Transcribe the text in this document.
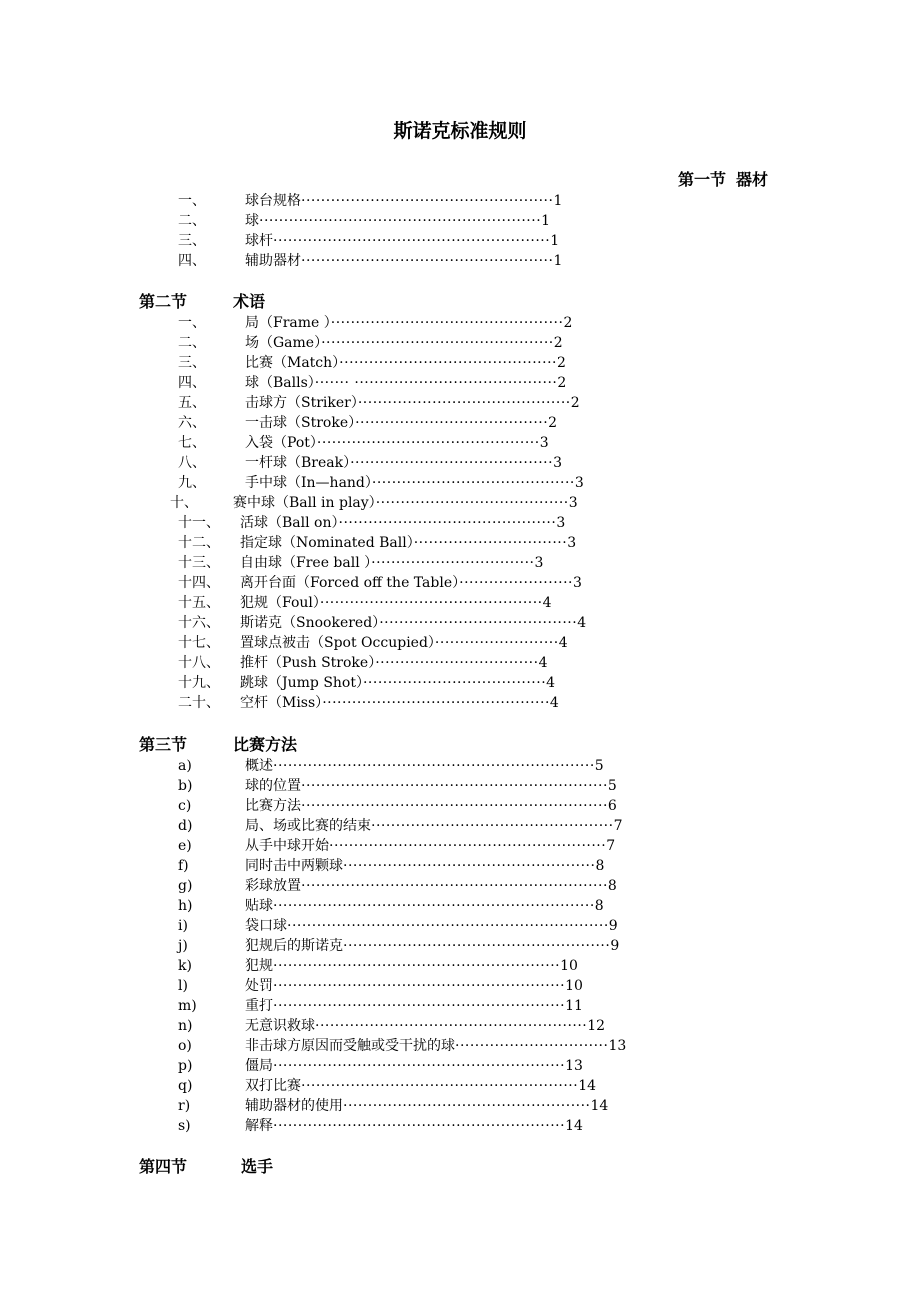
斯诺克标准规则
第一节 器材
第二节	术语
第三节	比赛方法
第四节	选手
一、	球台规格···················································1
二、	球·························································1
三、	球杆························································1
四、	辅助器材···················································1
一、	局（Frame ）···············································2
二、	场（Game）···············································2
三、	比赛（Match）············································2
四、	球（Balls）······· ·········································2
五、	击球方（Striker）···········································2
六、	一击球（Stroke）·······································2
七、	入袋（Pot）·············································3
八、	一杆球（Break）·········································3
九、	手中球（In—hand）·········································3
十、	赛中球（Ball in play）·······································3
十一、 活球（Ball on）············································3
十二、 指定球（Nominated Ball）·······························3
十三、 自由球（Free ball ）·································3
十四、 离开台面（Forced off the Table）·······················3
十五、 犯规（Foul）·············································4
十六、 斯诺克（Snookered）········································4
十七、 置球点被击（Spot Occupied）·························4
十八、 推杆（Push Stroke）·································4
十九、 跳球（Jump Shot）·····································4
二十、 空杆（Miss）··············································4
a)	概述·································································5
b)	球的位置······························································5
c)	比赛方法······························································6
d)	局、场或比赛的结束·················································7
e)	从手中球开始························································7
f)	同时击中两颗球···················································8
g)	彩球放置······························································8
h)	贴球·································································8
i)	袋口球·································································9
j)	犯规后的斯诺克······················································9
k)	犯规··························································10
l)	处罚···························································10
m)	重打···························································11
n)	无意识救球·······················································12
o)	非击球方原因而受触或受干扰的球·······························13
p)	僵局···························································13
q)	双打比赛························································14
r)	辅助器材的使用··················································14
s)	解释···························································14
